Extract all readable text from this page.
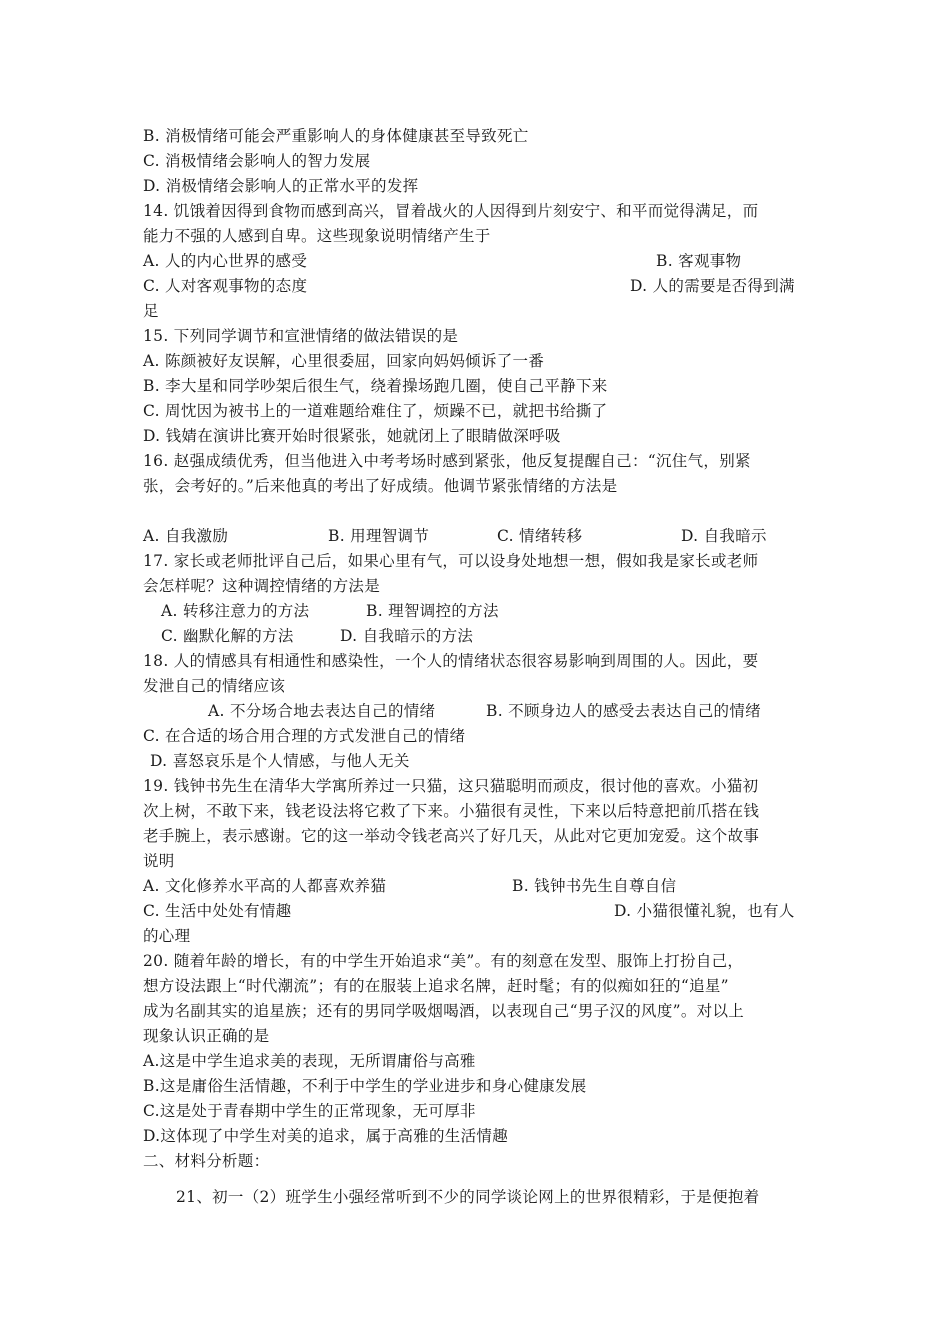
B. 消极情绪可能会严重影响人的身体健康甚至导致死亡
C. 消极情绪会影响人的智力发展
D. 消极情绪会影响人的正常水平的发挥
14. 饥饿着因得到食物而感到高兴，冒着战火的人因得到片刻安宁、和平而觉得满足，而
能力不强的人感到自卑。这些现象说明情绪产生于
A. 人的内心世界的感受	B. 客观事物
C. 人对客观事物的态度	D. 人的需要是否得到满
足
15. 下列同学调节和宣泄情绪的做法错误的是
A. 陈颜被好友误解，心里很委屈，回家向妈妈倾诉了一番
B. 李大星和同学吵架后很生气，绕着操场跑几圈，使自己平静下来
C. 周忱因为被书上的一道难题给难住了，烦躁不已，就把书给撕了
D. 钱婧在演讲比赛开始时很紧张，她就闭上了眼睛做深呼吸
16. 赵强成绩优秀，但当他进入中考考场时感到紧张，他反复提醒自己：“沉住气，别紧
张，会考好的。”后来他真的考出了好成绩。他调节紧张情绪的方法是
A. 自我激励	B. 用理智调节	C. 情绪转移	D. 自我暗示
17. 家长或老师批评自己后，如果心里有气，可以设身处地想一想，假如我是家长或老师
会怎样呢？这种调控情绪的方法是
A. 转移注意力的方法	B. 理智调控的方法
C. 幽默化解的方法	D. 自我暗示的方法
18. 人的情感具有相通性和感染性，一个人的情绪状态很容易影响到周围的人。因此，要
发泄自己的情绪应该
A. 不分场合地去表达自己的情绪	B. 不顾身边人的感受去表达自己的情绪
C. 在合适的场合用合理的方式发泄自己的情绪
D. 喜怒哀乐是个人情感，与他人无关
19. 钱钟书先生在清华大学寓所养过一只猫，这只猫聪明而顽皮，很讨他的喜欢。小猫初
次上树，不敢下来，钱老设法将它救了下来。小猫很有灵性，下来以后特意把前爪搭在钱
老手腕上，表示感谢。它的这一举动令钱老高兴了好几天，从此对它更加宠爱。这个故事
说明
A. 文化修养水平高的人都喜欢养猫	B. 钱钟书先生自尊自信
C. 生活中处处有情趣	D. 小猫很懂礼貌，也有人
的心理
20. 随着年龄的增长，有的中学生开始追求“美”。有的刻意在发型、服饰上打扮自己，
想方设法跟上“时代潮流”；有的在服装上追求名牌，赶时髦；有的似痴如狂的“追星”
成为名副其实的追星族；还有的男同学吸烟喝酒，以表现自己“男子汉的风度”。对以上
现象认识正确的是
A.这是中学生追求美的表现，无所谓庸俗与高雅
B.这是庸俗生活情趣，不利于中学生的学业进步和身心健康发展
C.这是处于青春期中学生的正常现象，无可厚非
D.这体现了中学生对美的追求，属于高雅的生活情趣
二、材料分析题：
21、初一（2）班学生小强经常听到不少的同学谈论网上的世界很精彩，于是便抱着
